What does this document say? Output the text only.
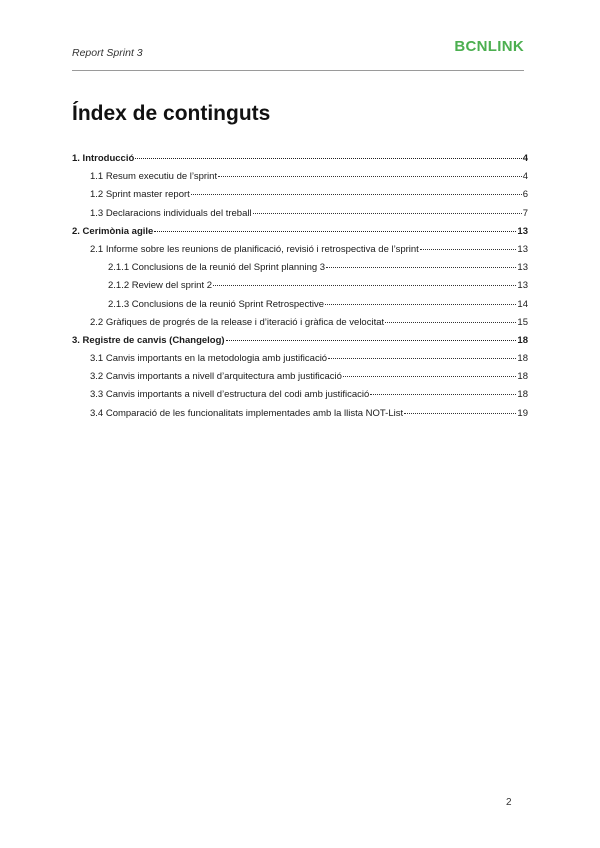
Report Sprint 3	BCNLINK
Índex de continguts
1. Introducció	4
1.1 Resum executiu de l’sprint	4
1.2 Sprint master report	6
1.3 Declaracions individuals del treball	7
2. Cerimònia agile	13
2.1 Informe sobre les reunions de planificació, revisió i retrospectiva de l’sprint	13
2.1.1 Conclusions de la reunió del Sprint planning 3	13
2.1.2 Review del sprint 2	13
2.1.3 Conclusions de la reunió Sprint Retrospective	14
2.2 Gràfiques de progrés de la release i d’iteració i gràfica de velocitat	15
3. Registre de canvis (Changelog)	18
3.1 Canvis importants en la metodologia amb justificació	18
3.2 Canvis importants a nivell d’arquitectura amb justificació	18
3.3 Canvis importants a nivell d’estructura del codi amb justificació	18
3.4 Comparació de les funcionalitats implementades amb la llista NOT-List	19
2
